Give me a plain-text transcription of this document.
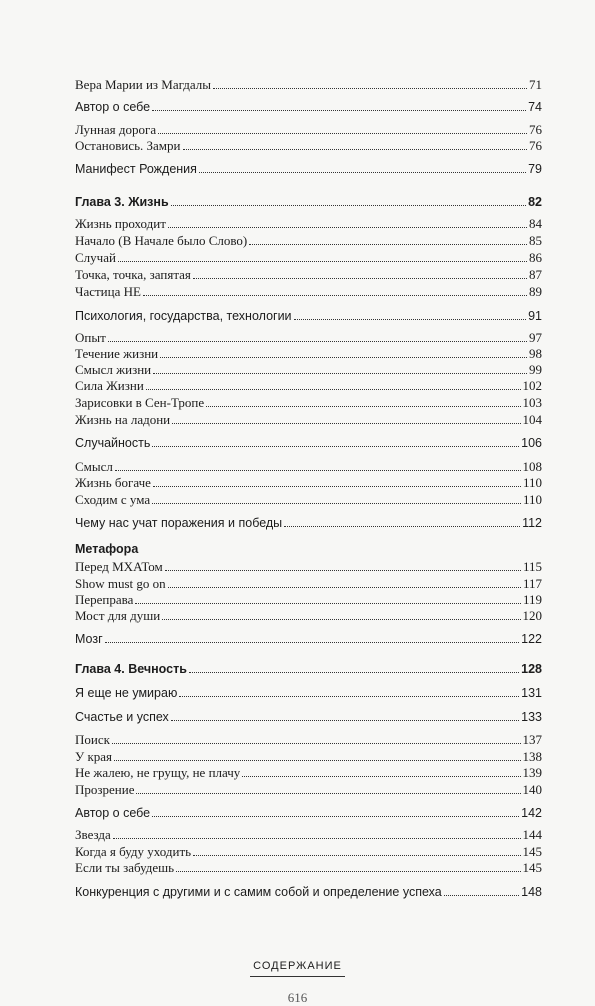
Метафора
Вера Марии из Магдалы	71
Автор о себе	74
Лунная дорога	76
Остановись. Замри	76
Манифест Рождения	79
Глава 3. Жизнь	82
Жизнь проходит	84
Начало (В Начале было Слово)	85
Случай	86
Точка, точка, запятая	87
Частица НЕ	89
Психология, государства, технологии	91
Опыт	97
Течение жизни	98
Смысл жизни	99
Сила Жизни	102
Зарисовки в Сен-Тропе	103
Жизнь на ладони	104
Случайность	106
Смысл	108
Жизнь богаче	110
Сходим с ума	110
Чему нас учат поражения и победы	112
Перед МХАТом	115
Show must go on	117
Переправа	119
Мост для души	120
Мозг	122
Глава 4. Вечность	128
Я еще не умираю	131
Счастье и успех	133
Поиск	137
У края	138
Не жалею, не грущу, не плачу	139
Прозрение	140
Автор о себе	142
Звезда	144
Когда я буду уходить	145
Если ты забудешь	145
Конкуренция с другими и с самим собой и определение успеха	148
СОДЕРЖАНИЕ
616
